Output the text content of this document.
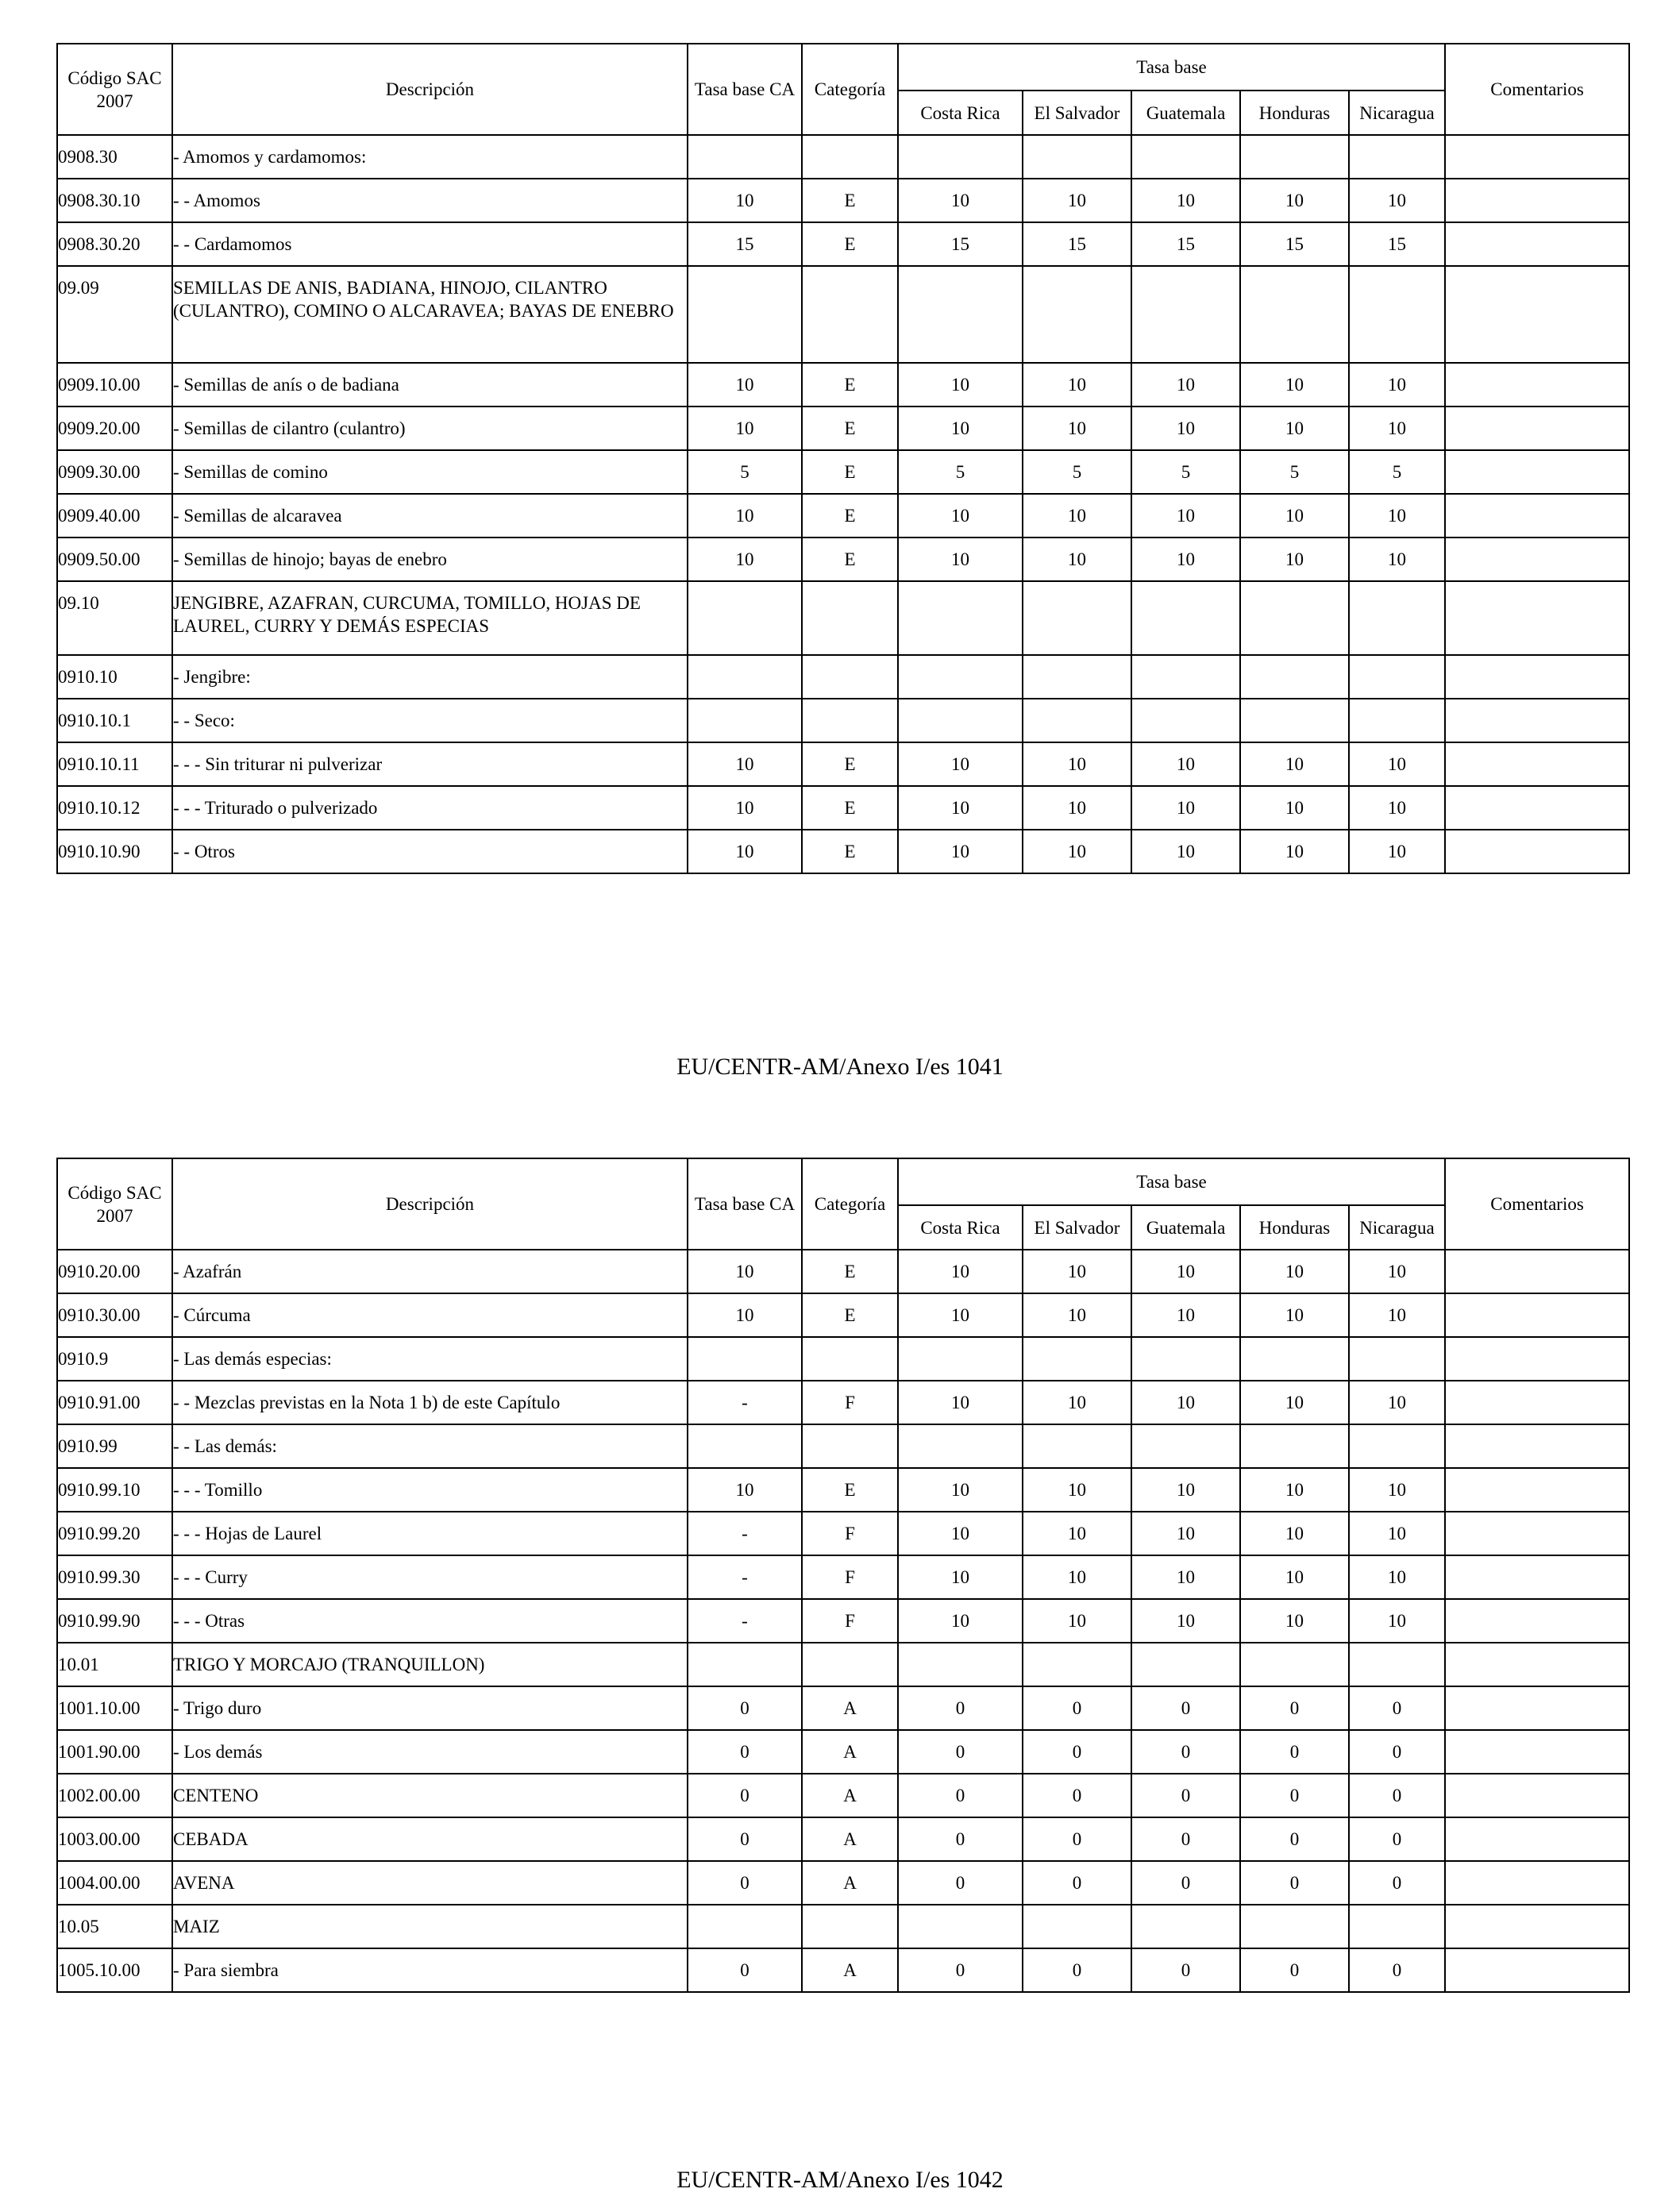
Código SAC 2007	Descripción	Tasa base CA	Categoría	Tasa base					Comentarios
				Costa Rica	El Salvador	Guatemala	Honduras	Nicaragua	
0908.30	- Amomos y cardamomos:								
0908.30.10	- - Amomos	10	E	10	10	10	10	10	
0908.30.20	- - Cardamomos	15	E	15	15	15	15	15	
09.09	SEMILLAS DE ANIS, BADIANA, HINOJO, CILANTRO (CULANTRO), COMINO O ALCARAVEA; BAYAS DE ENEBRO								
0909.10.00	- Semillas de anís o de badiana	10	E	10	10	10	10	10	
0909.20.00	- Semillas de cilantro (culantro)	10	E	10	10	10	10	10	
0909.30.00	- Semillas de comino	5	E	5	5	5	5	5	
0909.40.00	- Semillas de alcaravea	10	E	10	10	10	10	10	
0909.50.00	- Semillas de hinojo; bayas de enebro	10	E	10	10	10	10	10	
09.10	JENGIBRE, AZAFRAN, CURCUMA, TOMILLO, HOJAS DE LAUREL, CURRY Y DEMÁS ESPECIAS								
0910.10	- Jengibre:								
0910.10.1	- - Seco:								
0910.10.11	- - - Sin triturar ni pulverizar	10	E	10	10	10	10	10	
0910.10.12	- - - Triturado o pulverizado	10	E	10	10	10	10	10	
0910.10.90	- - Otros	10	E	10	10	10	10	10	
EU/CENTR-AM/Anexo I/es 1041
Código SAC 2007	Descripción	Tasa base CA	Categoría	Tasa base					Comentarios
				Costa Rica	El Salvador	Guatemala	Honduras	Nicaragua	
0910.20.00	- Azafrán	10	E	10	10	10	10	10	
0910.30.00	- Cúrcuma	10	E	10	10	10	10	10	
0910.9	- Las demás especias:								
0910.91.00	- - Mezclas previstas en la Nota 1 b) de este Capítulo	-	F	10	10	10	10	10	
0910.99	- - Las demás:								
0910.99.10	- - - Tomillo	10	E	10	10	10	10	10	
0910.99.20	- - - Hojas de Laurel	-	F	10	10	10	10	10	
0910.99.30	- - - Curry	-	F	10	10	10	10	10	
0910.99.90	- - - Otras	-	F	10	10	10	10	10	
10.01	TRIGO Y MORCAJO (TRANQUILLON)								
1001.10.00	- Trigo duro	0	A	0	0	0	0	0	
1001.90.00	- Los demás	0	A	0	0	0	0	0	
1002.00.00	CENTENO	0	A	0	0	0	0	0	
1003.00.00	CEBADA	0	A	0	0	0	0	0	
1004.00.00	AVENA	0	A	0	0	0	0	0	
10.05	MAIZ								
1005.10.00	- Para siembra	0	A	0	0	0	0	0	
EU/CENTR-AM/Anexo I/es 1042
